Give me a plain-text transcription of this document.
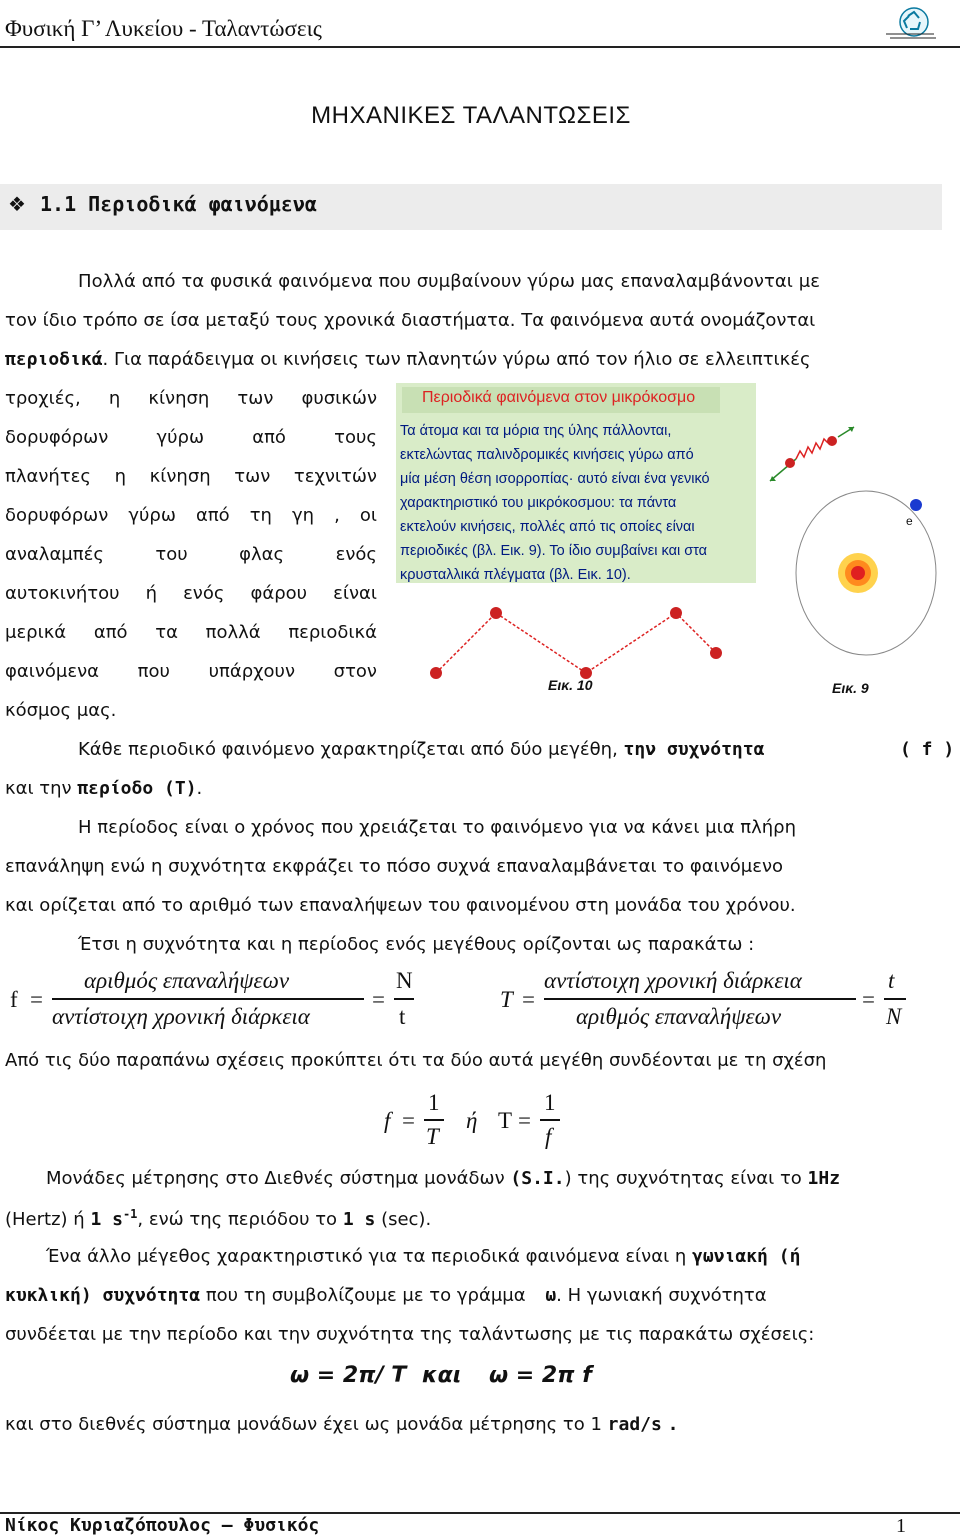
Φυσική Γ’ Λυκείου - Ταλαντώσεις
ΜΗΧΑΝΙΚΕΣ ΤΑΛΑΝΤΩΣΕΙΣ
❖ 1.1 Περιοδικά φαινόμενα
Πολλά από τα φυσικά φαινόμενα που συμβαίνουν γύρω μας επαναλαμβάνονται με
τον ίδιο τρόπο σε ίσα μεταξύ τους χρονικά διαστήματα. Τα φαινόμενα αυτά ονομάζονται
περιοδικά. Για παράδειγμα οι κινήσεις των πλανητών γύρω από τον ήλιο σε ελλειπτικές
τροχιές, η κίνηση των φυσικών
δορυφόρων	γύρω	από	τους
πλανήτες η κίνηση των τεχνιτών
δορυφόρων γύρω από τη γη , οι
αναλαμπές	του	φλας	ενός
αυτοκινήτου ή ενός φάρου είναι
μερικά από τα πολλά περιοδικά
φαινόμενα που υπάρχουν στον
κόσμος μας.
Περιοδικά φαινόμενα στον μικρόκοσμο
Τα άτομα και τα μόρια της ύλης πάλλονται,
εκτελώντας παλινδρομικές κινήσεις γύρω από
μία μέση θέση ισορροπίας· αυτό είναι ένα γενικό
χαρακτηριστικό του μικρόκοσμου: τα πάντα
εκτελούν κινήσεις, πολλές από τις οποίες είναι
περιοδικές (βλ. Εικ. 9). Το ίδιο συμβαίνει και στα
κρυσταλλικά πλέγματα (βλ. Εικ. 10).
e
Εικ. 10	Εικ. 9
Κάθε περιοδικό φαινόμενο χαρακτηρίζεται από δύο μεγέθη, την συχνότητα	( f )
και την περίοδο (Τ).
Η περίοδος είναι ο χρόνος που χρειάζεται το φαινόμενο για να κάνει μια πλήρη
επανάληψη ενώ η συχνότητα εκφράζει το πόσο συχνά επαναλαμβάνεται το φαινόμενο
και ορίζεται από το αριθμό των επαναλήψεων του φαινομένου στη μονάδα του χρόνου.
Έτσι η συχνότητα και η περίοδος ενός μεγέθους ορίζονται ως παρακάτω :
f =
αριθμός επαναλήψεων
αντίστοιχη χρονική διάρκεια
=
N
t
T =
αντίστοιχη χρονική διάρκεια
αριθμός επαναλήψεων
=
t
N
Από τις δύο παραπάνω σχέσεις προκύπτει ότι τα δύο αυτά μεγέθη συνδέονται με τη σχέση
f =
1
T
ή T =
1
f
Μονάδες μέτρησης στο Διεθνές σύστημα μονάδων (S.I.) της συχνότητας είναι το 1Hz
(Hertz) ή 1 $s^{-1}$, ενώ της περιόδου το 1 s (sec).
Ένα άλλο μέγεθος χαρακτηριστικό για τα περιοδικά φαινόμενα είναι η γωνιακή (ή
κυκλική) συχνότητα που τη συμβολίζουμε με το γράμμα ω. Η γωνιακή συχνότητα
συνδέεται με την περίοδο και την συχνότητα της ταλάντωσης με τις παρακάτω σχέσεις:
ω = 2π/ Τ και ω = 2π f
και στο διεθνές σύστημα μονάδων έχει ως μονάδα μέτρησης το 1 rad/s .
Νίκος Κυριαζόπουλος – Φυσικός	1
